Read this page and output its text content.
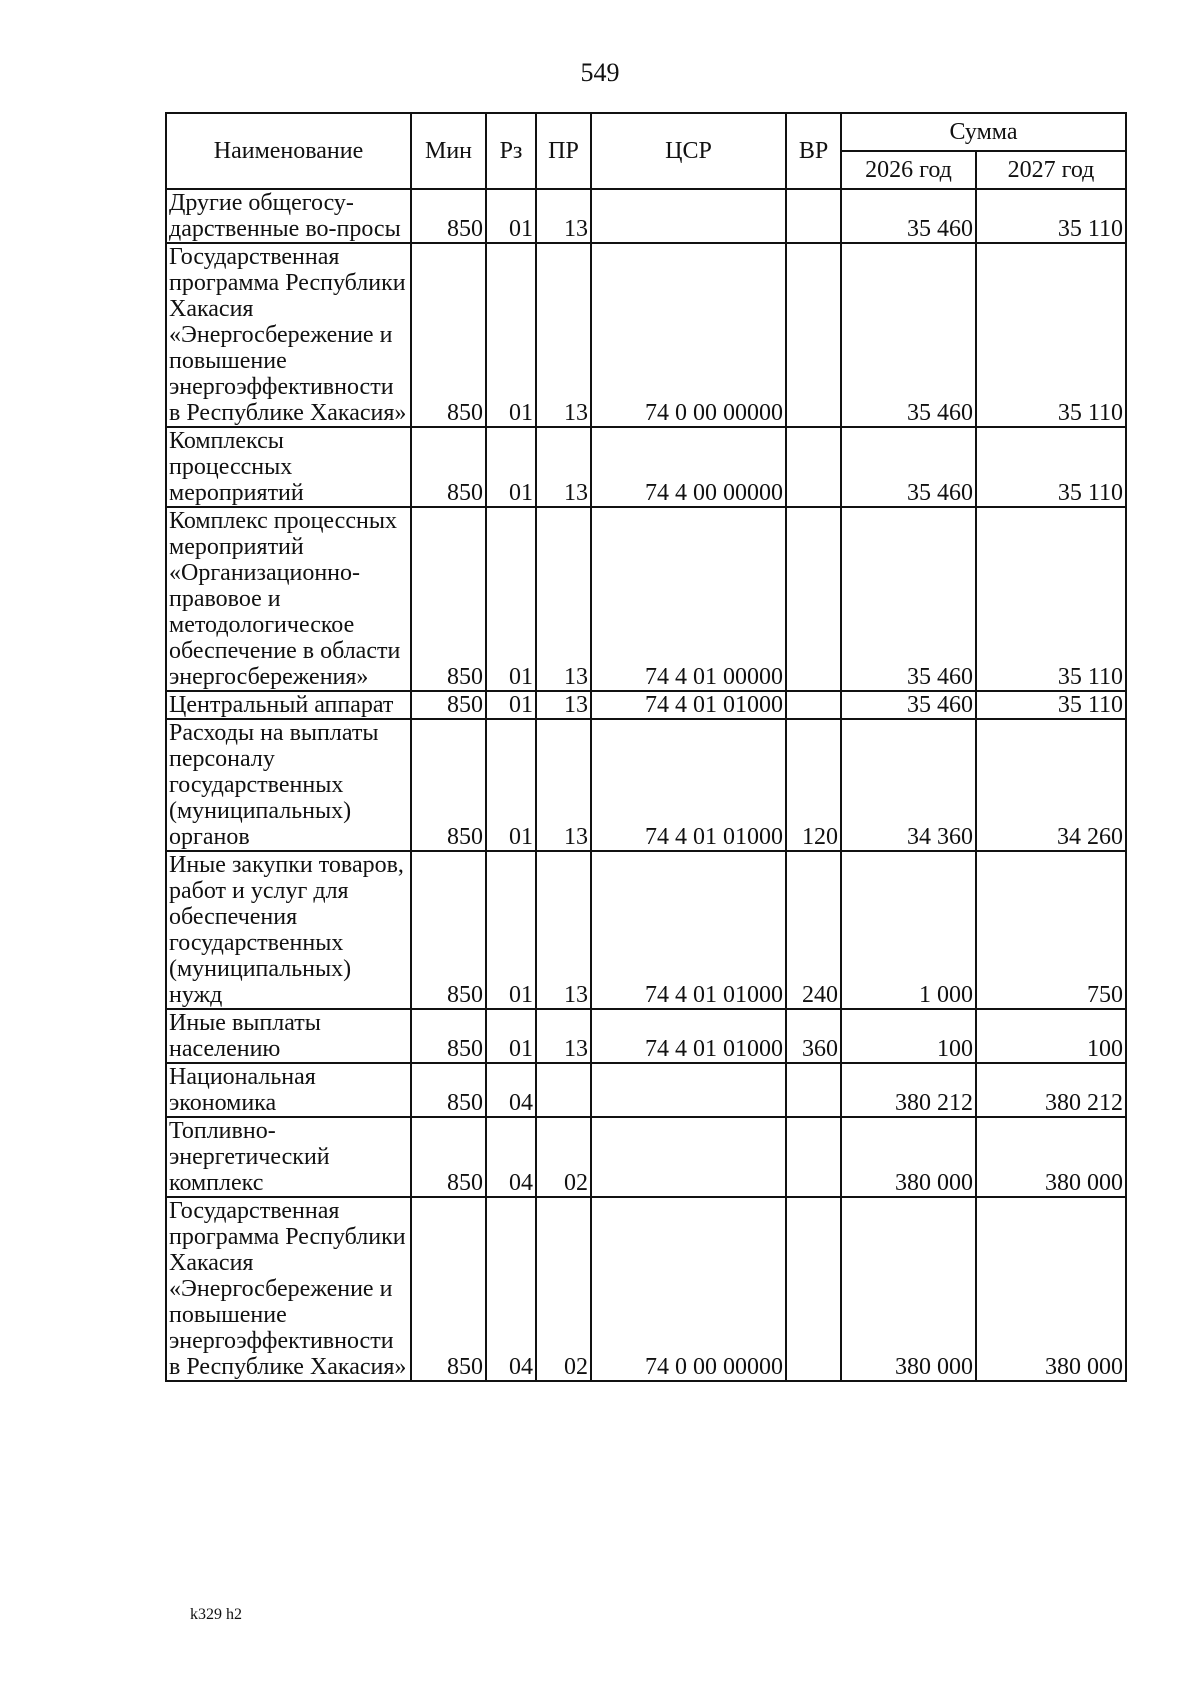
549
Наименование	Мин	Рз	ПР	ЦСР	ВР	Сумма	
						2026 год	2027 год
Другие общегосу-дарственные во-просы	850	01	13			35 460	35 110
Государственная программа Республики Хакасия «Энергосбережение и повышение энергоэффективности в Республике Хакасия»	850	01	13	74 0 00 00000		35 460	35 110
Комплексы процессных мероприятий	850	01	13	74 4 00 00000		35 460	35 110
Комплекс процессных мероприятий «Организационно-правовое и методологическое обеспечение в области энергосбережения»	850	01	13	74 4 01 00000		35 460	35 110
Центральный аппарат	850	01	13	74 4 01 01000		35 460	35 110
Расходы на выплаты персоналу государственных (муниципальных) органов	850	01	13	74 4 01 01000	120	34 360	34 260
Иные закупки товаров, работ и услуг для обеспечения государственных (муниципальных) нужд	850	01	13	74 4 01 01000	240	1 000	750
Иные выплаты населению	850	01	13	74 4 01 01000	360	100	100
Национальная экономика	850	04				380 212	380 212
Топливно-энергетический комплекс	850	04	02			380 000	380 000
Государственная программа Республики Хакасия «Энергосбережение и повышение энергоэффективности в Республике Хакасия»	850	04	02	74 0 00 00000		380 000	380 000
k329 h2
